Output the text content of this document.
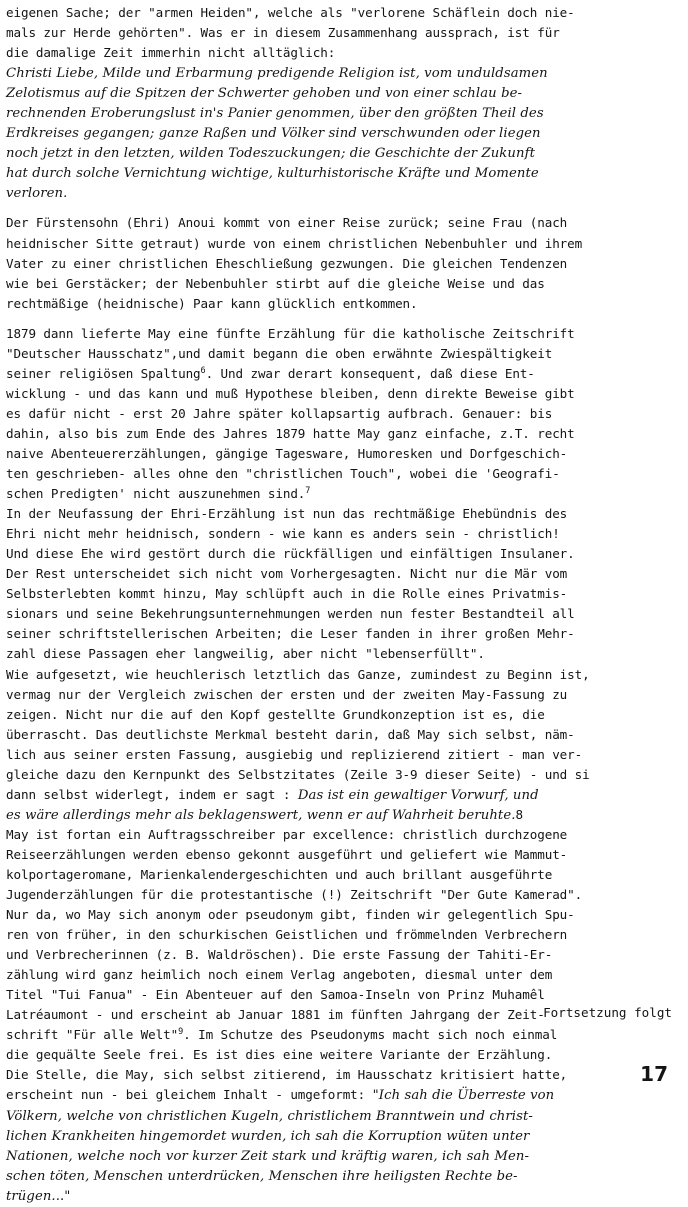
eigenen Sache; der "armen Heiden", welche als "verlorene Schäflein doch nie-
mals zur Herde gehörten". Was er in diesem Zusammenhang aussprach, ist für
die damalige Zeit immerhin nicht alltäglich:
Christi Liebe, Milde und Erbarmung predigende Religion ist, vom unduldsamen
Zelotismus auf die Spitzen der Schwerter gehoben und von einer schlau be-
rechnenden Eroberungslust in's Panier genommen, über den größten Theil des
Erdkreises gegangen; ganze Raßen und Völker sind verschwunden oder liegen
noch jetzt in den letzten, wilden Todeszuckungen; die Geschichte der Zukunft
hat durch solche Vernichtung wichtige, kulturhistorische Kräfte und Momente
verloren.
Der Fürstensohn (Ehri) Anoui kommt von einer Reise zurück; seine Frau (nach
heidnischer Sitte getraut) wurde von einem christlichen Nebenbuhler und ihrem
Vater zu einer christlichen Eheschließung gezwungen. Die gleichen Tendenzen
wie bei Gerstäcker; der Nebenbuhler stirbt auf die gleiche Weise und das
rechtmäßige (heidnische) Paar kann glücklich entkommen.
1879 dann lieferte May eine fünfte Erzählung für die katholische Zeitschrift
"Deutscher Hausschatz",und damit begann die oben erwähnte Zwiespältigkeit
seiner religiösen Spaltung$^6$. Und zwar derart konsequent, daß diese Ent-
wicklung - und das kann und muß Hypothese bleiben, denn direkte Beweise gibt
es dafür nicht - erst 20 Jahre später kollapsartig aufbrach. Genauer: bis
dahin, also bis zum Ende des Jahres 1879 hatte May ganz einfache, z.T. recht
naive Abenteuererzählungen, gängige Tagesware, Humoresken und Dorfgeschich-
ten geschrieben- alles ohne den "christlichen Touch", wobei die 'Geografi-
schen Predigten' nicht auszunehmen sind.$^7$
In der Neufassung der Ehri-Erzählung ist nun das rechtmäßige Ehebündnis des
Ehri nicht mehr heidnisch, sondern - wie kann es anders sein - christlich!
Und diese Ehe wird gestört durch die rückfälligen und einfältigen Insulaner.
Der Rest unterscheidet sich nicht vom Vorhergesagten. Nicht nur die Mär vom
Selbsterlebten kommt hinzu, May schlüpft auch in die Rolle eines Privatmis-
sionars und seine Bekehrungsunternehmungen werden nun fester Bestandteil all
seiner schriftstellerischen Arbeiten; die Leser fanden in ihrer großen Mehr-
zahl diese Passagen eher langweilig, aber nicht "lebenserfüllt".
Wie aufgesetzt, wie heuchlerisch letztlich das Ganze, zumindest zu Beginn ist,
vermag nur der Vergleich zwischen der ersten und der zweiten May-Fassung zu
zeigen. Nicht nur die auf den Kopf gestellte Grundkonzeption ist es, die
überrascht. Das deutlichste Merkmal besteht darin, daß May sich selbst, näm-
lich aus seiner ersten Fassung, ausgiebig und replizierend zitiert - man ver-
gleiche dazu den Kernpunkt des Selbstzitates (Zeile 3-9 dieser Seite) - und si
dann selbst widerlegt, indem er sagt : Das ist ein gewaltiger Vorwurf, und
es wäre allerdings mehr als beklagenswert, wenn er auf Wahrheit beruhte.8
May ist fortan ein Auftragsschreiber par excellence: christlich durchzogene
Reiseerzählungen werden ebenso gekonnt ausgeführt und geliefert wie Mammut-
kolportageromane, Marienkalendergeschichten und auch brillant ausgeführte
Jugenderzählungen für die protestantische (!) Zeitschrift "Der Gute Kamerad".
Nur da, wo May sich anonym oder pseudonym gibt, finden wir gelegentlich Spu-
ren von früher, in den schurkischen Geistlichen und frömmelnden Verbrechern
und Verbrecherinnen (z. B. Waldröschen). Die erste Fassung der Tahiti-Er-
zählung wird ganz heimlich noch einem Verlag angeboten, diesmal unter dem
Titel "Tui Fanua" - Ein Abenteuer auf den Samoa-Inseln von Prinz Muhamêl
Latréaumont - und erscheint ab Januar 1881 im fünften Jahrgang der Zeit-
schrift "Für alle Welt"$^9$. Im Schutze des Pseudonyms macht sich noch einmal
die gequälte Seele frei. Es ist dies eine weitere Variante der Erzählung.
Die Stelle, die May, sich selbst zitierend, im Hausschatz kritisiert hatte,
erscheint nun - bei gleichem Inhalt - umgeformt: "Ich sah die Überreste von
Völkern, welche von christlichen Kugeln, christlichem Branntwein und christ-
lichen Krankheiten hingemordet wurden, ich sah die Korruption wüten unter
Nationen, welche noch vor kurzer Zeit stark und kräftig waren, ich sah Men-
schen töten, Menschen unterdrücken, Menschen ihre heiligsten Rechte be-
trügen..."
Fortsetzung folgt
17
